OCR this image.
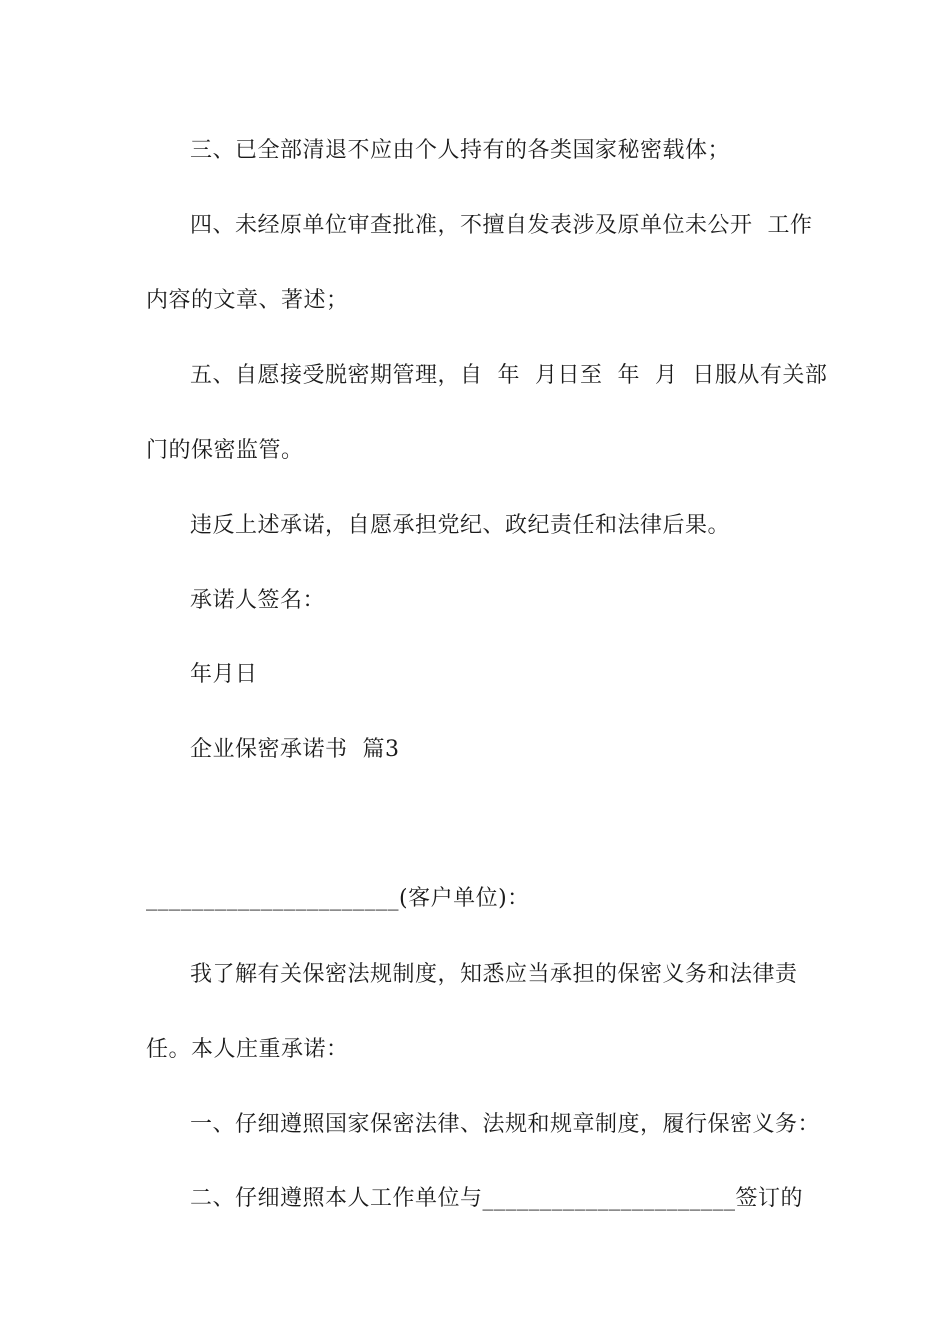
三、已全部清退不应由个人持有的各类国家秘密载体；
四、未经原单位审查批准，不擅自发表涉及原单位未公开  工作
内容的文章、著述；
五、自愿接受脱密期管理，自  年  月日至  年  月  日服从有关部
门的保密监管。
违反上述承诺，自愿承担党纪、政纪责任和法律后果。
承诺人签名：
年月日
企业保密承诺书  篇3
______________________(客户单位)：
我了解有关保密法规制度，知悉应当承担的保密义务和法律责
任。本人庄重承诺：
一、仔细遵照国家保密法律、法规和规章制度，履行保密义务：
二、仔细遵照本人工作单位与______________________签订的
